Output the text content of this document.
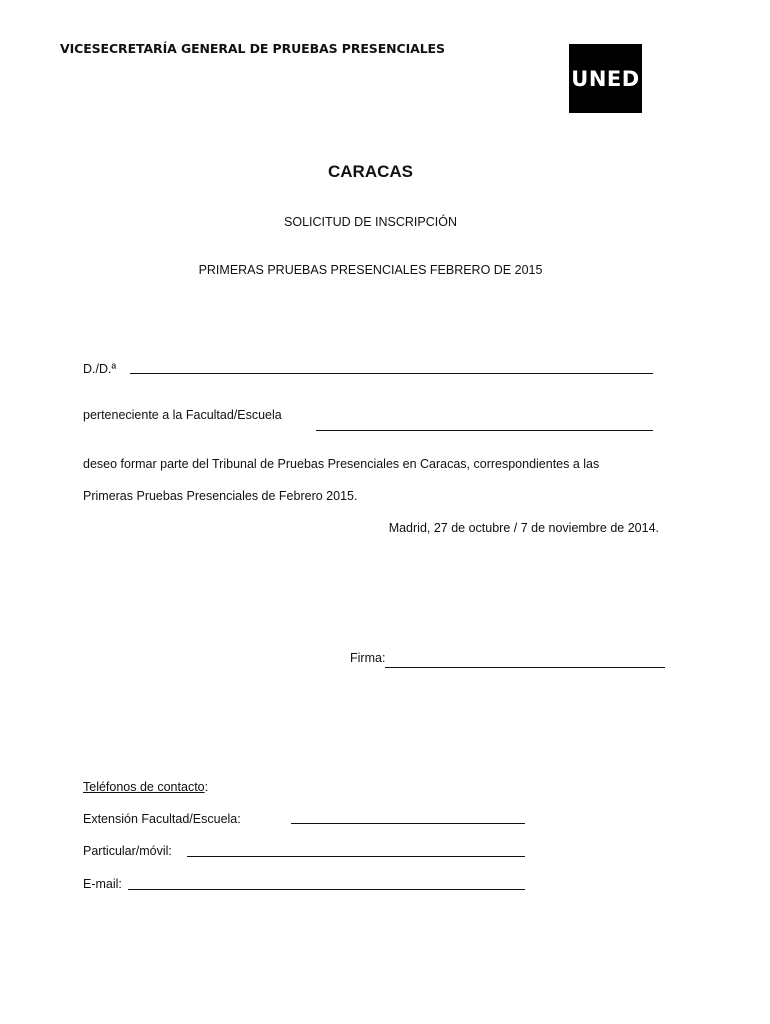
VICESECRETARÍA GENERAL DE PRUEBAS PRESENCIALES
UNED
CARACAS
SOLICITUD DE INSCRIPCIÓN
PRIMERAS PRUEBAS PRESENCIALES FEBRERO DE 2015
D./D.ª
perteneciente a la Facultad/Escuela
deseo formar parte del Tribunal de Pruebas Presenciales en Caracas, correspondientes a las
Primeras Pruebas Presenciales de Febrero 2015.
Madrid, 27 de octubre / 7 de noviembre de 2014.
Firma:
Teléfonos de contacto:
Extensión Facultad/Escuela:
Particular/móvil:
E-mail:
